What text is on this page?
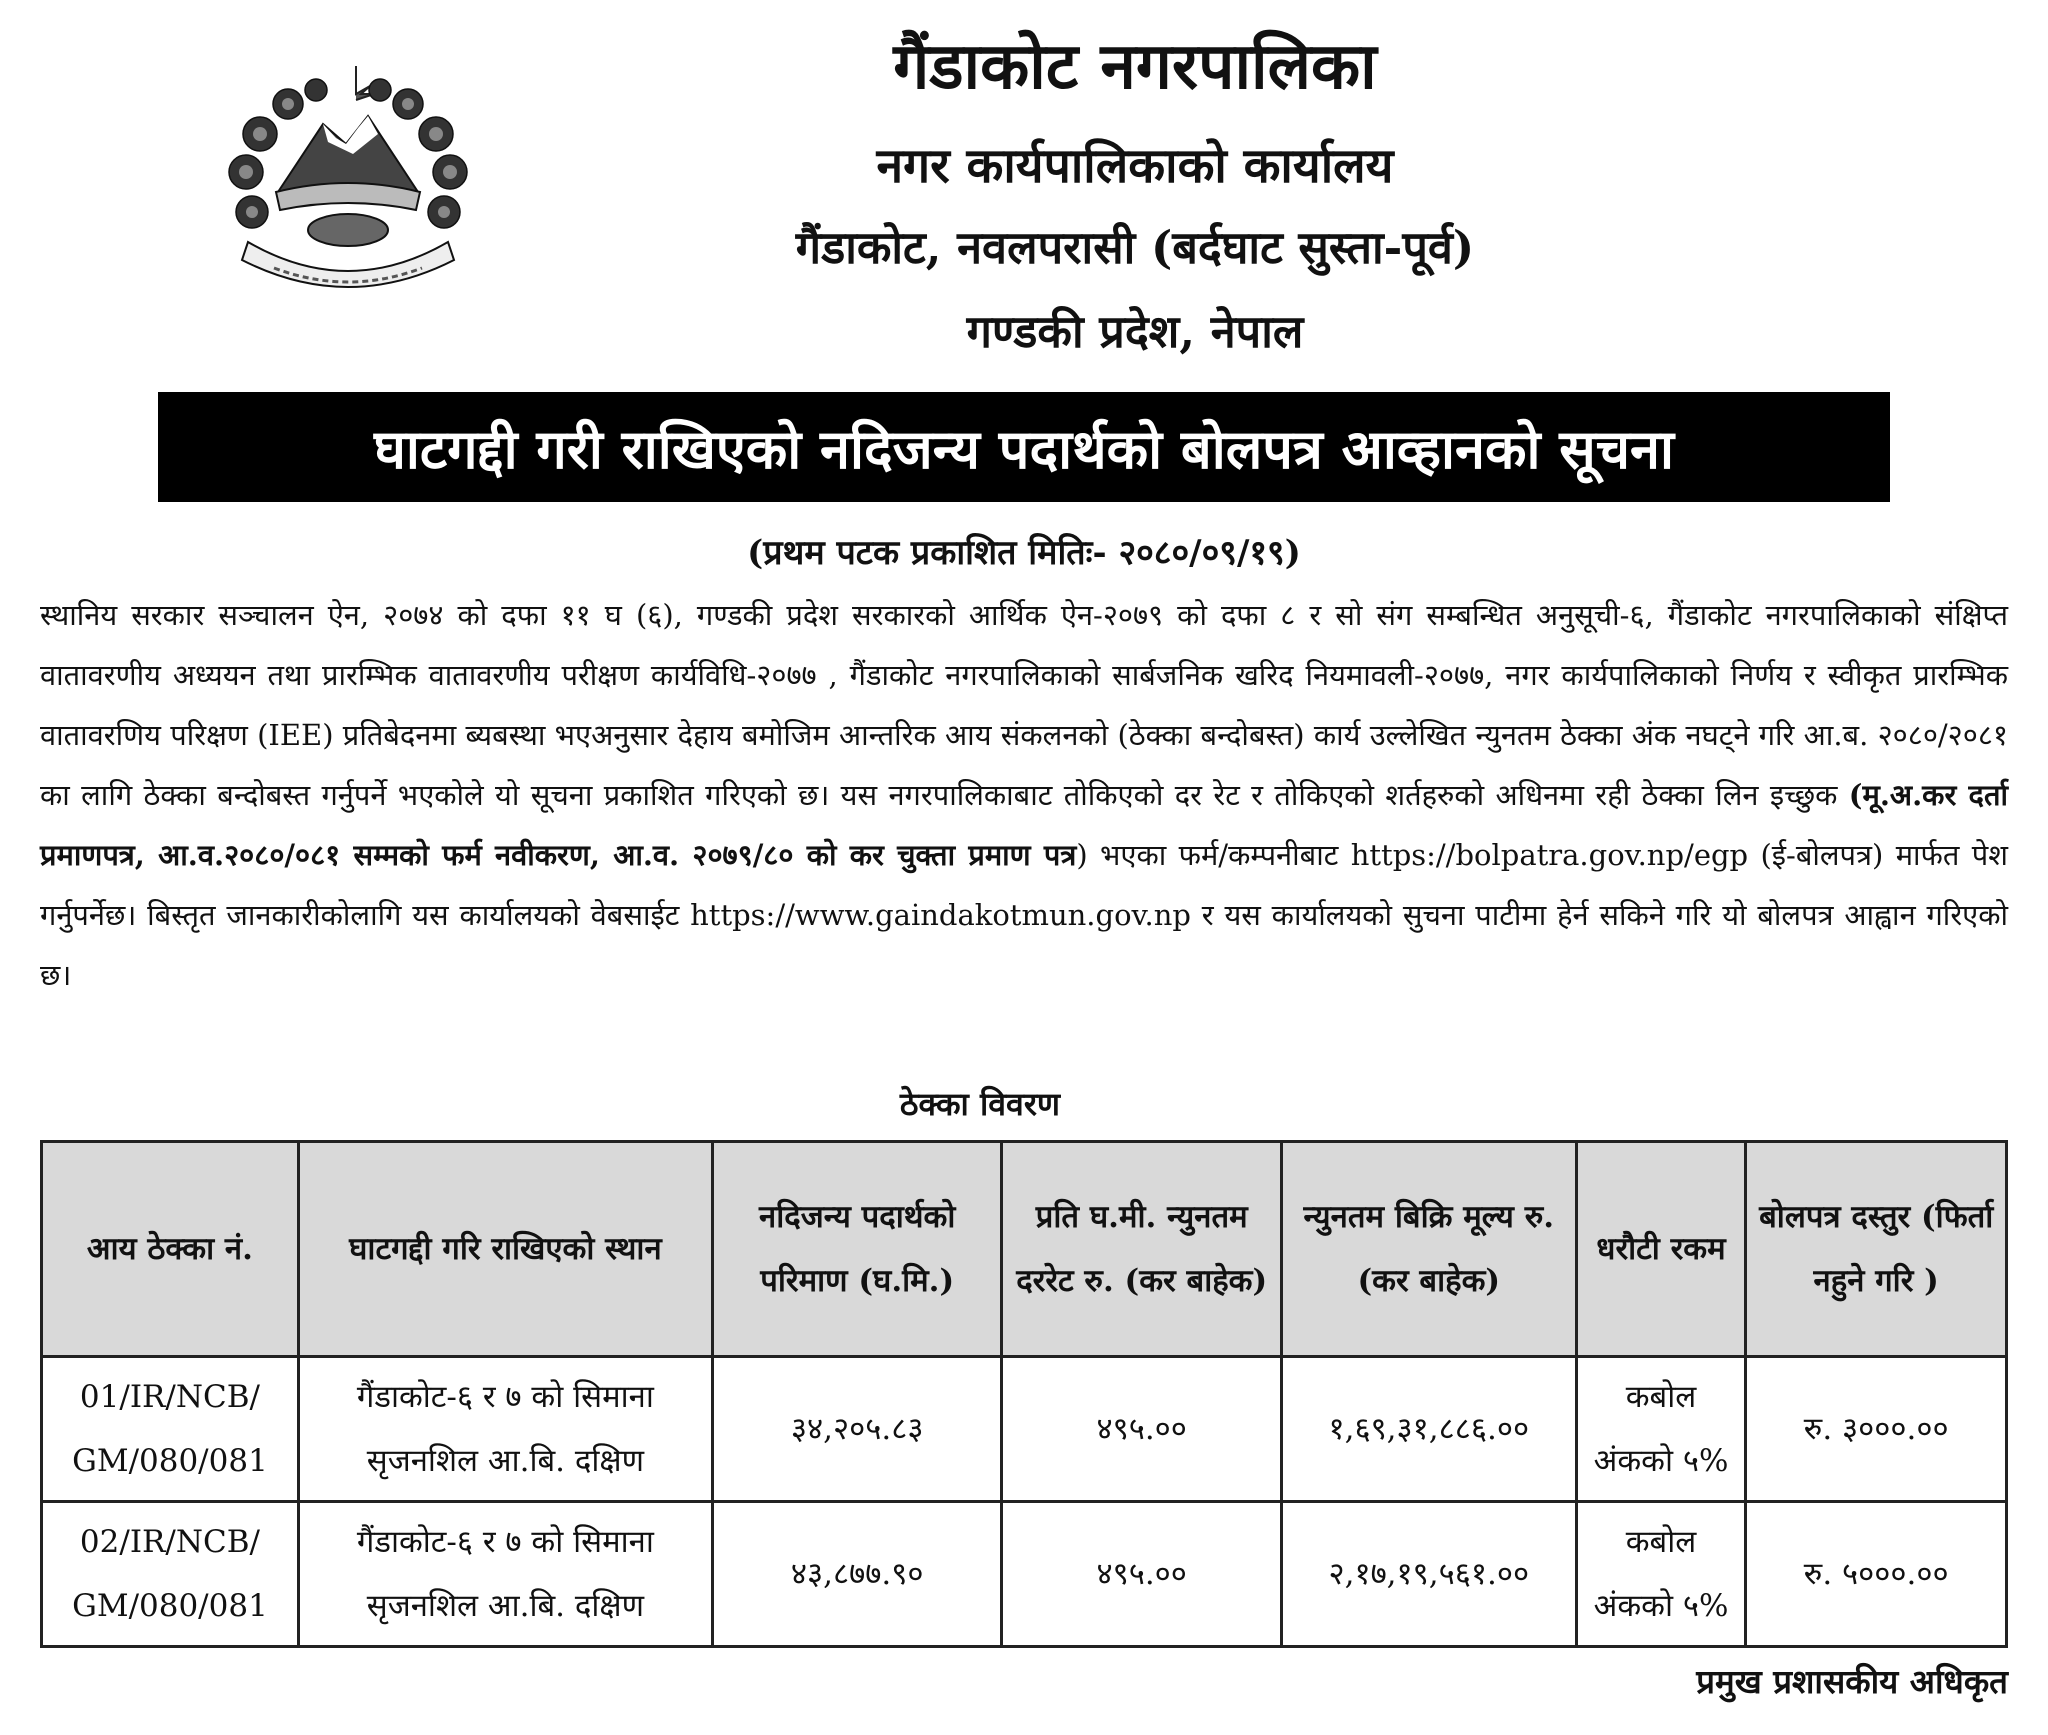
गैंडाकोट नगरपालिका
नगर कार्यपालिकाको कार्यालय
गैंडाकोट, नवलपरासी (बर्दघाट सुस्ता-पूर्व)
गण्डकी प्रदेश, नेपाल
घाटगद्दी गरी राखिएको नदिजन्य पदार्थको बोलपत्र आव्हानको सूचना
(प्रथम पटक प्रकाशित मितिः- २०८०/०९/१९)

स्थानिय सरकार सञ्चालन ऐन, २०७४ को दफा ११ घ (६), गण्डकी प्रदेश सरकारको आर्थिक ऐन-२०७९ को दफा ८ र सो संग सम्बन्धित अनुसूची-६, गैंडाकोट नगरपालिकाको संक्षिप्त वातावरणीय अध्ययन तथा प्रारम्भिक वातावरणीय परीक्षण कार्यविधि-२०७७ , गैंडाकोट नगरपालिकाको सार्बजनिक खरिद नियमावली-२०७७, नगर कार्यपालिकाको निर्णय र स्वीकृत प्रारम्भिक वातावरणिय परिक्षण (IEE) प्रतिबेदनमा ब्यबस्था भएअनुसार देहाय बमोजिम आन्तरिक आय संकलनको (ठेक्का बन्दोबस्त) कार्य उल्लेखित न्युनतम ठेक्का अंक नघट्ने गरि आ.ब. २०८०/२०८१ का लागि ठेक्का बन्दोबस्त गर्नुपर्ने भएकोले यो सूचना प्रकाशित गरिएको छ। यस नगरपालिकाबाट तोकिएको दर रेट र तोकिएको शर्तहरुको अधिनमा रही ठेक्का लिन इच्छुक (मू.अ.कर दर्ता प्रमाणपत्र, आ.व.२०८०/०८१ सम्मको फर्म नवीकरण, आ.व. २०७९/८० को कर चुक्ता प्रमाण पत्र) भएका फर्म/कम्पनीबाट https://bolpatra.gov.np/egp (ई-बोलपत्र) मार्फत पेश गर्नुपर्नेछ। बिस्तृत जानकारीकोलागि यस कार्यालयको वेबसाईट https://www.gaindakotmun.gov.np र यस कार्यालयको सुचना पाटीमा हेर्न सकिने गरि यो बोलपत्र आह्वान गरिएको छ।

ठेक्का विवरण
आय ठेक्का नं.	घाटगद्दी गरि राखिएको स्थान	नदिजन्य पदार्थको परिमाण (घ.मि.)	प्रति घ.मी. न्युनतम दररेट रु. (कर बाहेक)	न्युनतम बिक्रि मूल्य रु. (कर बाहेक)	धरौटी रकम	बोलपत्र दस्तुर (फिर्ता नहुने गरि )
01/IR/NCB/ GM/080/081	गैंडाकोट-६ र ७ को सिमाना सृजनशिल आ.बि. दक्षिण	३४,२०५.८३	४९५.००	१,६९,३१,८८६.००	कबोल अंकको ५%	रु. ३०००.००
02/IR/NCB/ GM/080/081	गैंडाकोट-६ र ७ को सिमाना सृजनशिल आ.बि. दक्षिण	४३,८७७.९०	४९५.००	२,१७,१९,५६१.००	कबोल अंकको ५%	रु. ५०००.००
प्रमुख प्रशासकीय अधिकृत
